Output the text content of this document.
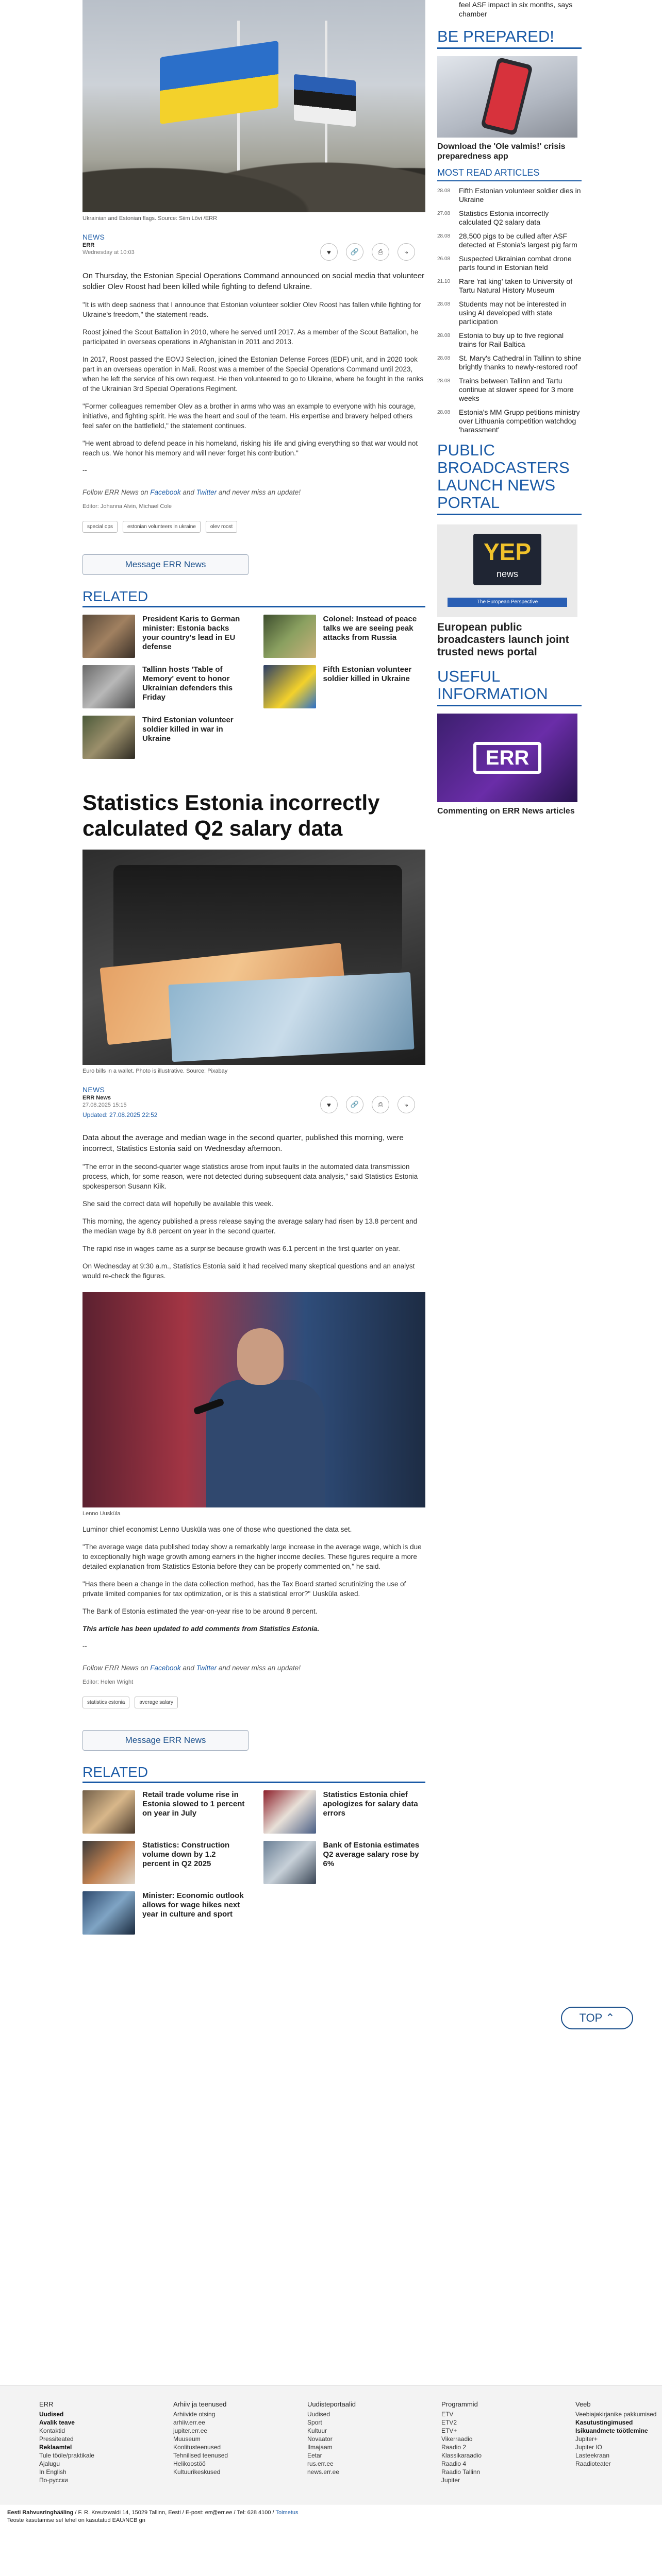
Ukrainian and Estonian flags. Source: Siim Lõvi /ERR
NEWS
ERR
Wednesday at 10:03	♥	🔗	⎙	⤷

On Thursday, the Estonian Special Operations Command announced on social media that volunteer soldier Olev Roost had been killed while fighting to defend Ukraine.

"It is with deep sadness that I announce that Estonian volunteer soldier Olev Roost has fallen while fighting for Ukraine's freedom," the statement reads.

Roost joined the Scout Battalion in 2010, where he served until 2017. As a member of the Scout Battalion, he participated in overseas operations in Afghanistan in 2011 and 2013.

In 2017, Roost passed the EOVJ Selection, joined the Estonian Defense Forces (EDF) unit, and in 2020 took part in an overseas operation in Mali. Roost was a member of the Special Operations Command until 2023, when he left the service of his own request. He then volunteered to go to Ukraine, where he fought in the ranks of the Ukrainian 3rd Special Operations Regiment.

"Former colleagues remember Olev as a brother in arms who was an example to everyone with his courage, initiative, and fighting spirit. He was the heart and soul of the team. His expertise and bravery helped others feel safer on the battlefield," the statement continues.

"He went abroad to defend peace in his homeland, risking his life and giving everything so that war would not reach us. We honor his memory and will never forget his contribution."

--

Follow ERR News on Facebook and Twitter and never miss an update!

Editor: Johanna Alvin, Michael Cole
special ops	estonian volunteers in ukraine	olev roost
Message ERR News
RELATED
President Karis to German minister: Estonia backs your country's lead in EU defense
Colonel: Instead of peace talks we are seeing peak attacks from Russia
Tallinn hosts 'Table of Memory' event to honor Ukrainian defenders this Friday
Fifth Estonian volunteer soldier killed in Ukraine
Third Estonian volunteer soldier killed in war in Ukraine
Statistics Estonia incorrectly calculated Q2 salary data
Euro bills in a wallet. Photo is illustrative. Source: Pixabay
NEWS
ERR News
27.08.2025 15:15
Updated: 27.08.2025 22:52
♥	🔗	⎙	⤷

Data about the average and median wage in the second quarter, published this morning, were incorrect, Statistics Estonia said on Wednesday afternoon.

"The error in the second-quarter wage statistics arose from input faults in the automated data transmission process, which, for some reason, were not detected during subsequent data analysis," said Statistics Estonia spokesperson Susann Kiik.

She said the correct data will hopefully be available this week.

This morning, the agency published a press release saying the average salary had risen by 13.8 percent and the median wage by 8.8 percent on year in the second quarter.

The rapid rise in wages came as a surprise because growth was 6.1 percent in the first quarter on year.

On Wednesday at 9:30 a.m., Statistics Estonia said it had received many skeptical questions and an analyst would re-check the figures.

Lenno Uusküla

Luminor chief economist Lenno Uusküla was one of those who questioned the data set.

"The average wage data published today show a remarkably large increase in the average wage, which is due to exceptionally high wage growth among earners in the higher income deciles. These figures require a more detailed explanation from Statistics Estonia before they can be properly commented on," he said.

"Has there been a change in the data collection method, has the Tax Board started scrutinizing the use of private limited companies for tax optimization, or is this a statistical error?" Uusküla asked.

The Bank of Estonia estimated the year-on-year rise to be around 8 percent.

This article has been updated to add comments from Statistics Estonia.

--

Follow ERR News on Facebook and Twitter and never miss an update!

Editor: Helen Wright
statistics estonia	average salary
Message ERR News
RELATED
Retail trade volume rise in Estonia slowed to 1 percent on year in July
Statistics Estonia chief apologizes for salary data errors
Statistics: Construction volume down by 1.2 percent in Q2 2025
Bank of Estonia estimates Q2 average salary rose by 6%
Minister: Economic outlook allows for wage hikes next year in culture and sport
feel ASF impact in six months, says chamber
BE PREPARED!
Download the 'Ole valmis!' crisis preparedness app
MOST READ ARTICLES
28.08	Fifth Estonian volunteer soldier dies in Ukraine
27.08	Statistics Estonia incorrectly calculated Q2 salary data
28.08	28,500 pigs to be culled after ASF detected at Estonia's largest pig farm
26.08	Suspected Ukrainian combat drone parts found in Estonian field
21.10	Rare 'rat king' taken to University of Tartu Natural History Museum
28.08	Students may not be interested in using AI developed with state participation
28.08	Estonia to buy up to five regional trains for Rail Baltica
28.08	St. Mary's Cathedral in Tallinn to shine brightly thanks to newly-restored roof
28.08	Trains between Tallinn and Tartu continue at slower speed for 3 more weeks
28.08	Estonia's MM Grupp petitions ministry over Lithuania competition watchdog 'harassment'
PUBLIC BROADCASTERS LAUNCH NEWS PORTAL
YEP
news
The European Perspective
European public broadcasters launch joint trusted news portal
USEFUL INFORMATION
ERR
Commenting on ERR News articles
TOP ⌃
ERR
Uudised
Avalik teave
Kontaktid
Pressiteated
Reklaamtel
Tule tööle/praktikale
Ajalugu
In English
По-русски
Arhiiv ja teenused
Arhiivide otsing
arhiiv.err.ee
jupiter.err.ee
Muuseum
Koolitusteenused
Tehnilised teenused
Helikoostöö
Kultuurikeskused
Uudisteportaalid
Uudised
Sport
Kultuur
Novaator
Ilmajaam
Eetar
rus.err.ee
news.err.ee
Programmid
ETV
ETV2
ETV+
Vikerraadio
Raadio 2
Klassikaraadio
Raadio 4
Raadio Tallinn
Jupiter
Veeb
Veebiajakirjanike pakkumised
Kasutustingimused
Isikuandmete töötlemine
Jupiter+
Jupiter IO
Lasteekraan
Raadioteater
Eesti Rahvusringhääling / F. R. Kreutzwaldi 14, 15029 Tallinn, Eesti / E-post: err@err.ee / Tel: 628 4100 / Toimetus
Teoste kasutamise sel lehel on kasutatud EAU/NCB gn
